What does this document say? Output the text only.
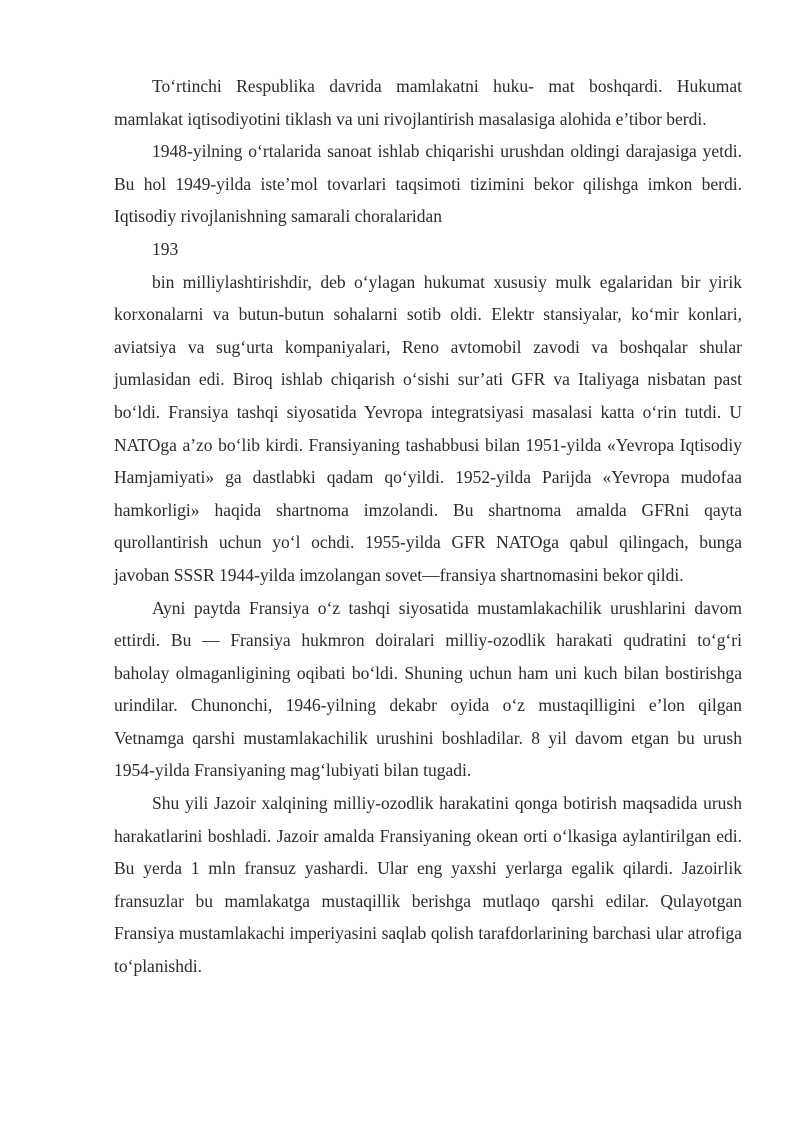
To‘rtinchi Respublika davrida mamlakatni huku- mat boshqardi. Hukumat mamlakat iqtisodiyotini tiklash va uni rivojlantirish masalasiga alohida e’tibor berdi.

1948-yilning o‘rtalarida sanoat ishlab chiqarishi urushdan oldingi darajasiga yetdi. Bu hol 1949-yilda iste’mol tovarlari taqsimoti tizimini bekor qilishga imkon berdi. Iqtisodiy rivojlanishning samarali choralaridan

193

bin milliylashtirishdir, deb o‘ylagan hukumat xususiy mulk egalaridan bir yirik korxonalarni va butun-butun sohalarni sotib oldi. Elektr stansiyalar, ko‘mir konlari, aviatsiya va sug‘urta kompaniyalari, Reno avtomobil zavodi va boshqalar shular jumlasidan edi. Biroq ishlab chiqarish o‘sishi sur’ati GFR va Italiyaga nisbatan past bo‘ldi. Fransiya tashqi siyosatida Yevropa integratsiyasi masalasi katta o‘rin tutdi. U NATOga a’zo bo‘lib kirdi. Fransiyaning tashabbusi bilan 1951-yilda «Yevropa Iqtisodiy Hamjamiyati» ga dastlabki qadam qo‘yildi. 1952-yilda Parijda «Yevropa mudofaa hamkorligi» haqida shartnoma imzolandi. Bu shartnoma amalda GFRni qayta qurollantirish uchun yo‘l ochdi. 1955-yilda GFR NATOga qabul qilingach, bunga javoban SSSR 1944-yilda imzolangan sovet—fransiya shartnomasini bekor qildi.

Ayni paytda Fransiya o‘z tashqi siyosatida mustamlakachilik urushlarini davom ettirdi. Bu — Fransiya hukmron doiralari milliy-ozodlik harakati qudratini to‘g‘ri baholay olmaganligining oqibati bo‘ldi. Shuning uchun ham uni kuch bilan bostirishga urindilar. Chunonchi, 1946-yilning dekabr oyida o‘z mustaqilligini e’lon qilgan Vetnamga qarshi mustamlakachilik urushini boshladilar. 8 yil davom etgan bu urush 1954-yilda Fransiyaning mag‘lubiyati bilan tugadi.

Shu yili Jazoir xalqining milliy-ozodlik harakatini qonga botirish maqsadida urush harakatlarini boshladi. Jazoir amalda Fransiyaning okean orti o‘lkasiga aylantirilgan edi. Bu yerda 1 mln fransuz yashardi. Ular eng yaxshi yerlarga egalik qilardi. Jazoirlik fransuzlar bu mamlakatga mustaqillik berishga mutlaqo qarshi edilar. Qulayotgan Fransiya mustamlakachi imperiyasini saqlab qolish tarafdorlarining barchasi ular atrofiga to‘planishdi.
